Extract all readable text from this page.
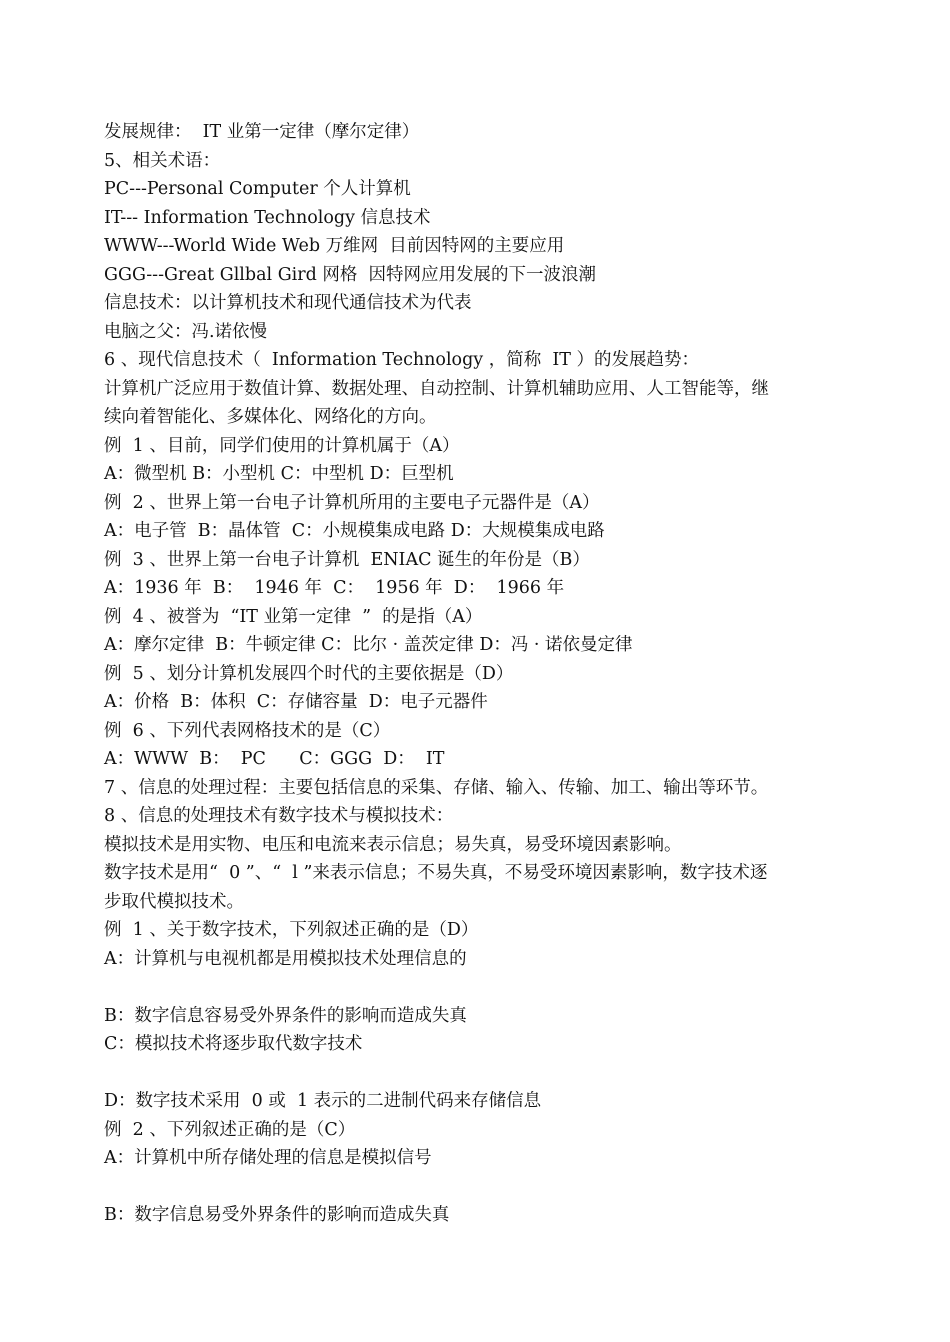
发展规律：  IT 业第一定律（摩尔定律）
5、相关术语：
PC---Personal Computer 个人计算机
IT--- Information Technology 信息技术
WWW---World Wide Web 万维网  目前因特网的主要应用
GGG---Great Gllbal Gird 网格  因特网应用发展的下一波浪潮
信息技术：以计算机技术和现代通信技术为代表
电脑之父：冯.诺依慢
6 、现代信息技术（  Information Technology ，简称  IT ）的发展趋势：
计算机广泛应用于数值计算、数据处理、自动控制、计算机辅助应用、人工智能等，继
续向着智能化、多媒体化、网络化的方向。
例  1 、目前，同学们使用的计算机属于（A）
A：微型机 B：小型机 C：中型机 D：巨型机
例  2 、世界上第一台电子计算机所用的主要电子元器件是（A）
A：电子管  B：晶体管  C：小规模集成电路 D：大规模集成电路
例  3 、世界上第一台电子计算机  ENIAC 诞生的年份是（B）
A：1936 年  B：  1946 年  C：  1956 年  D：  1966 年
例  4 、被誉为  “IT 业第一定律  ”  的是指（A）
A：摩尔定律  B：牛顿定律 C：比尔 · 盖茨定律 D：冯 · 诺依曼定律
例  5 、划分计算机发展四个时代的主要依据是（D）
A：价格  B：体积  C：存储容量  D：电子元器件
例  6 、下列代表网格技术的是（C）
A：WWW  B：  PC      C：GGG  D：  IT
7 、信息的处理过程：主要包括信息的采集、存储、输入、传输、加工、输出等环节。
8 、信息的处理技术有数字技术与模拟技术：
模拟技术是用实物、电压和电流来表示信息；易失真，易受环境因素影响。
数字技术是用“  0 ”、“  l ”来表示信息；不易失真，不易受环境因素影响，数字技术逐
步取代模拟技术。
例  1 、关于数字技术，下列叙述正确的是（D）
A：计算机与电视机都是用模拟技术处理信息的
B：数字信息容易受外界条件的影响而造成失真
C：模拟技术将逐步取代数字技术
D：数字技术采用  0 或  1 表示的二进制代码来存储信息
例  2 、下列叙述正确的是（C）
A：计算机中所存储处理的信息是模拟信号
B：数字信息易受外界条件的影响而造成失真
